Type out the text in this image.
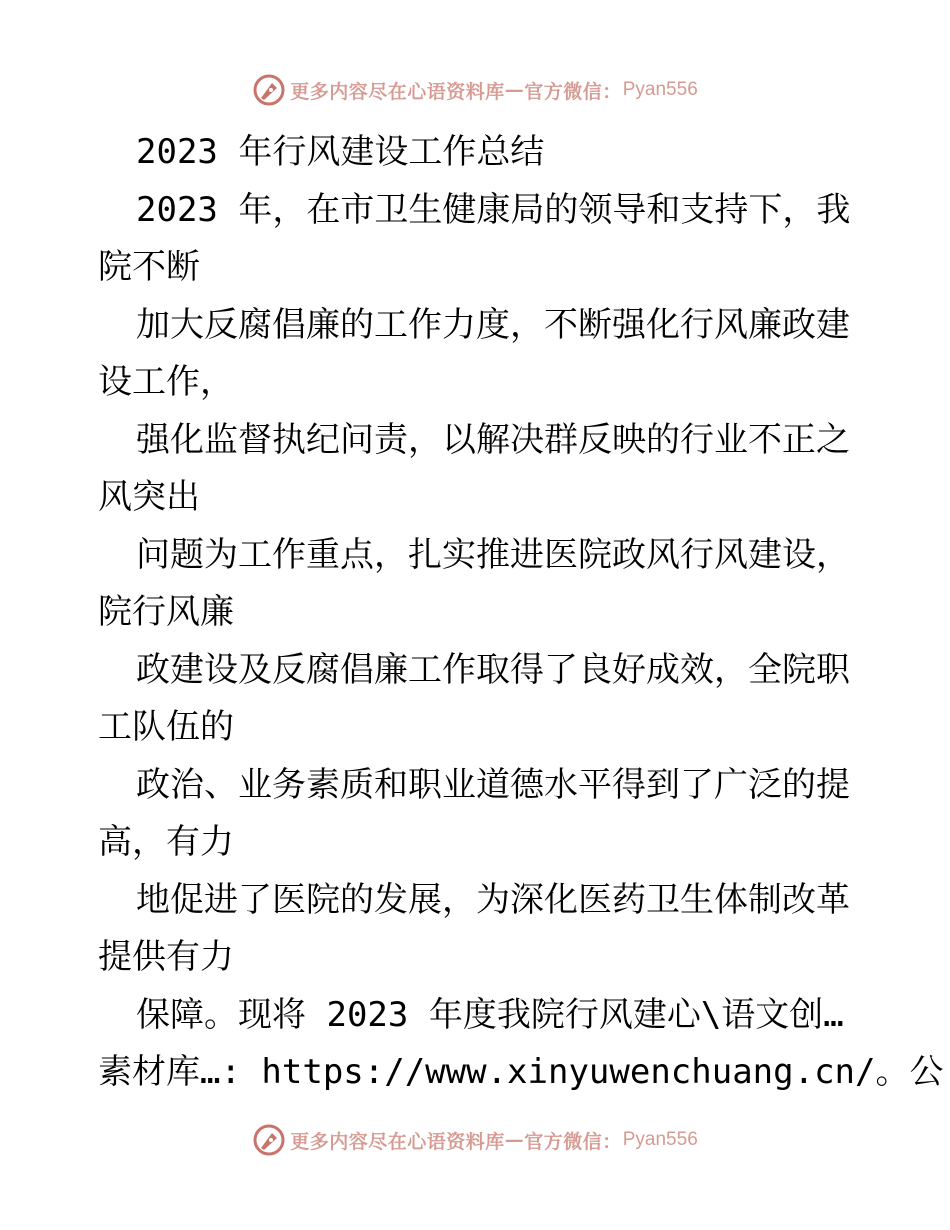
更多内容尽在心语资料库 — 官方微信： Pyan556
2023 年行风建设工作总结
2023 年，在市卫生健康局的领导和支持下，我
院不断
加大反腐倡廉的工作力度，不断强化行风廉政建
设工作，
强化监督执纪问责，以解决群反映的行业不正之
风突出
问题为工作重点，扎实推进医院政风行风建设，
院行风廉
政建设及反腐倡廉工作取得了良好成效，全院职
工队伍的
政治、业务素质和职业道德水平得到了广泛的提
高，有力
地促进了医院的发展，为深化医药卫生体制改革
提供有力
保障。现将 2023 年度我院行风建心\语文创…
素材库…: https://www.xinyuwenchuang.cn/。公
更多内容尽在心语资料库 — 官方微信： Pyan556
